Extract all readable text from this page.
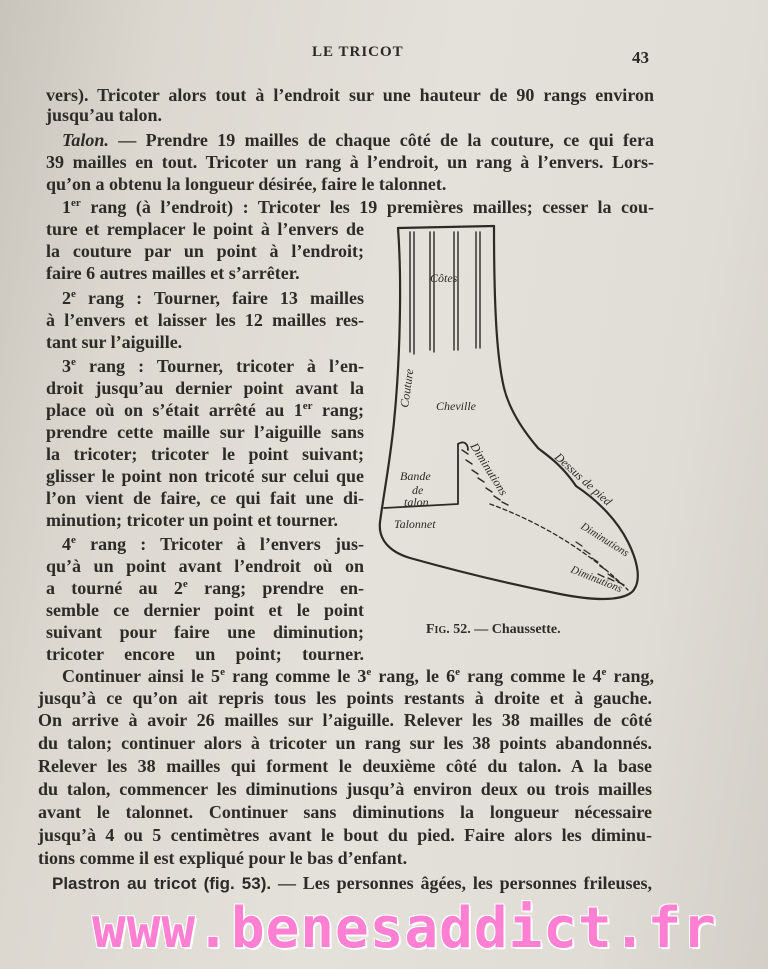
LE TRICOT	43
vers). Tricoter alors tout à l’endroit sur une hauteur de 90 rangs environ
jusqu’au talon.
Talon. — Prendre 19 mailles de chaque côté de la couture, ce qui fera
39 mailles en tout. Tricoter un rang à l’endroit, un rang à l’envers. Lors-
qu’on a obtenu la longueur désirée, faire le talonnet.
1er rang (à l’endroit) : Tricoter les 19 premières mailles; cesser la cou-
ture et remplacer le point à l’envers de
la couture par un point à l’endroit;
faire 6 autres mailles et s’arrêter.
2e rang : Tourner, faire 13 mailles
à l’envers et laisser les 12 mailles res-
tant sur l’aiguille.
3e rang : Tourner, tricoter à l’en-
droit jusqu’au dernier point avant la
place où on s’était arrêté au 1er rang;
prendre cette maille sur l’aiguille sans
la tricoter; tricoter le point suivant;
glisser le point non tricoté sur celui que
l’on vient de faire, ce qui fait une di-
minution; tricoter un point et tourner.
4e rang : Tricoter à l’envers jus-
qu’à un point avant l’endroit où on
a tourné au 2e rang; prendre en-
semble ce dernier point et le point
suivant pour faire une diminution;
tricoter encore un point; tourner.
Continuer ainsi le 5e rang comme le 3e rang, le 6e rang comme le 4e rang,
jusqu’à ce qu’on ait repris tous les points restants à droite et à gauche.
On arrive à avoir 26 mailles sur l’aiguille. Relever les 38 mailles de côté
du talon; continuer alors à tricoter un rang sur les 38 points abandonnés.
Relever les 38 mailles qui forment le deuxième côté du talon. A la base
du talon, commencer les diminutions jusqu’à environ deux ou trois mailles
avant le talonnet. Continuer sans diminutions la longueur nécessaire
jusqu’à 4 ou 5 centimètres avant le bout du pied. Faire alors les diminu-
tions comme il est expliqué pour le bas d’enfant.
Plastron au tricot (fig. 53). — Les personnes âgées, les personnes frileuses,
Côtes
Couture Cheville
Bande
de
talon
Diminutions	Dessus de pied
Talonnet	Diminutions
Diminutions
Fig. 52. — Chaussette.
www.benesaddict.fr
